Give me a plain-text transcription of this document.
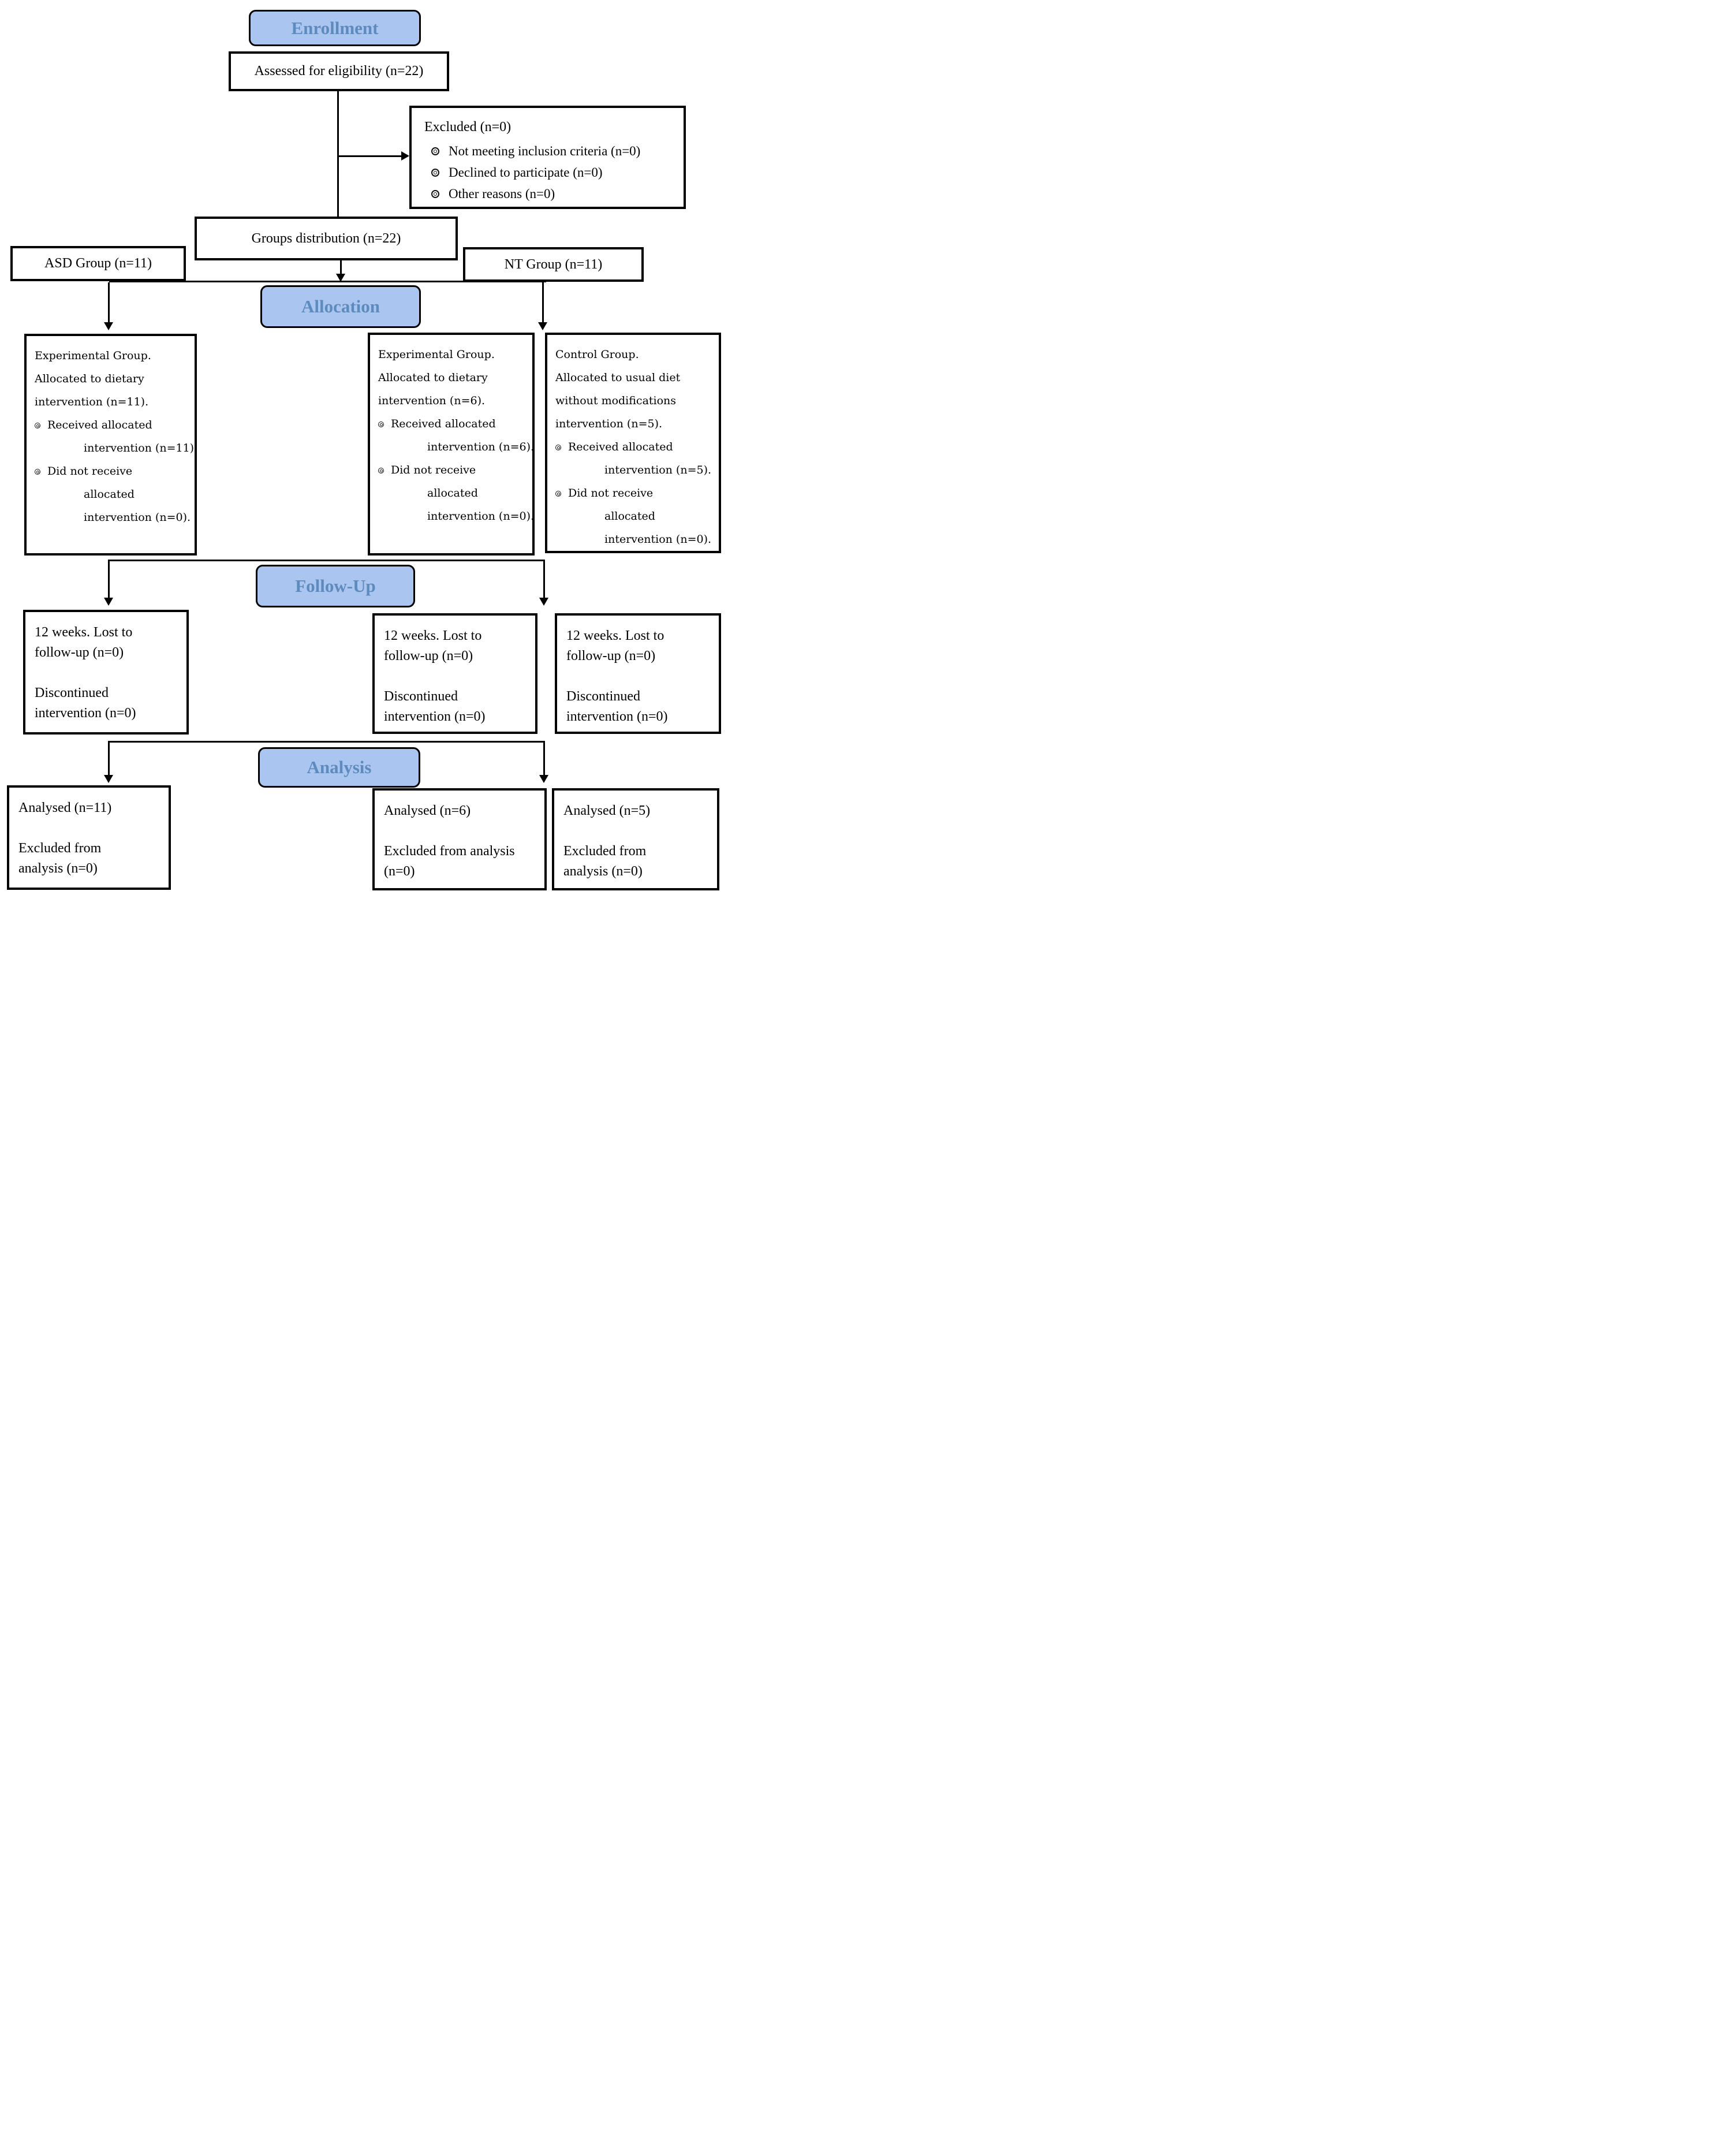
Enrollment
Allocation
Follow-Up
Analysis
Assessed for eligibility (n=22)
Excluded (n=0)
Not meeting inclusion criteria (n=0)
Declined to participate (n=0)
Other reasons (n=0)
Groups distribution (n=22)
ASD Group (n=11)	NT Group (n=11)
Experimental Group.
Allocated to dietary
intervention (n=11).
Received allocated
intervention (n=11).
Did not receive
allocated
intervention (n=0).
Experimental Group.
Allocated to dietary
intervention (n=6).
Received allocated
intervention (n=6).
Did not receive
allocated
intervention (n=0).
Control Group.
Allocated to usual diet
without modifications
intervention (n=5).
Received allocated
intervention (n=5).
Did not receive
allocated
intervention (n=0).
12 weeks. Lost to
follow-up (n=0)

Discontinued
intervention (n=0)
12 weeks. Lost to
follow-up (n=0)

Discontinued
intervention (n=0)
12 weeks. Lost to
follow-up (n=0)

Discontinued
intervention (n=0)
Analysed (n=11)

Excluded from
analysis (n=0)
Analysed (n=6)

Excluded from analysis
(n=0)
Analysed (n=5)

Excluded from
analysis (n=0)
